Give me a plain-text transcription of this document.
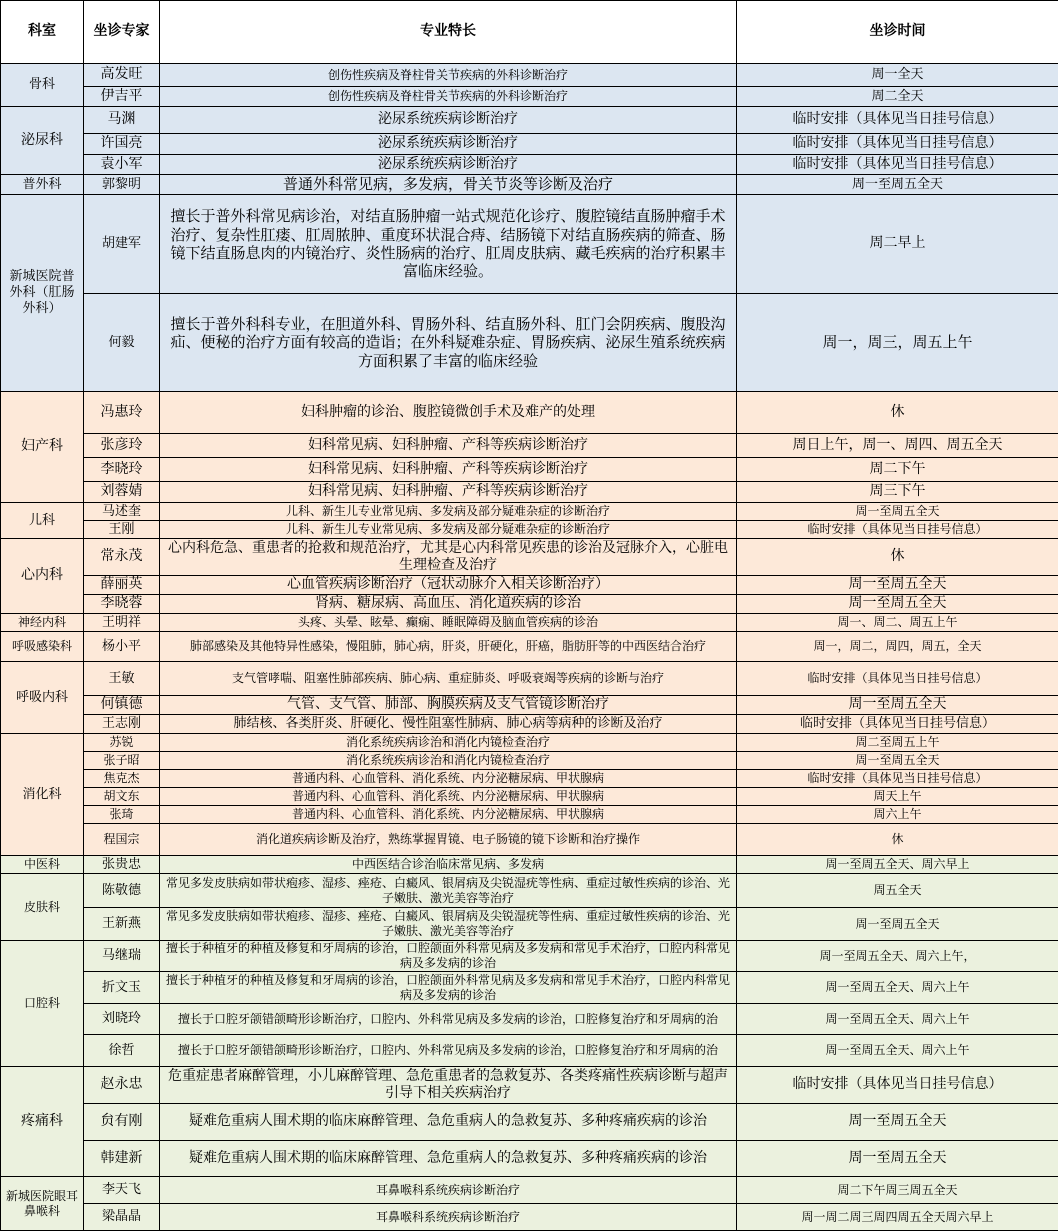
科室	坐诊专家	专业特长	坐诊时间
骨科	高发旺	创伤性疾病及脊柱骨关节疾病的外科诊断治疗	周一全天
	伊吉平	创伤性疾病及脊柱骨关节疾病的外科诊断治疗	周二全天
泌尿科	马渊	泌尿系统疾病诊断治疗	临时安排（具体见当日挂号信息）
	许国亮	泌尿系统疾病诊断治疗	临时安排（具体见当日挂号信息）
	袁小军	泌尿系统疾病诊断治疗	临时安排（具体见当日挂号信息）
普外科	郭黎明	普通外科常见病，多发病，骨关节炎等诊断及治疗	周一至周五全天
新城医院普外科（肛肠外科）	胡建军	擅长于普外科常见病诊治，对结直肠肿瘤一站式规范化诊疗、腹腔镜结直肠肿瘤手术治疗、复杂性肛瘘、肛周脓肿、重度环状混合痔、结肠镜下对结直肠疾病的筛查、肠镜下结直肠息肉的内镜治疗、炎性肠病的治疗、肛周皮肤病、藏毛疾病的治疗积累丰富临床经验。	周二早上
	何毅	擅长于普外科科专业，在胆道外科、胃肠外科、结直肠外科、肛门会阴疾病、腹股沟疝、便秘的治疗方面有较高的造诣；在外科疑难杂症、胃肠疾病、泌尿生殖系统疾病方面积累了丰富的临床经验	周一，周三，周五上午
妇产科	冯惠玲	妇科肿瘤的诊治、腹腔镜微创手术及难产的处理	休
	张彦玲	妇科常见病、妇科肿瘤、产科等疾病诊断治疗	周日上午，周一、周四、周五全天
	李晓玲	妇科常见病、妇科肿瘤、产科等疾病诊断治疗	周二下午
	刘蓉婧	妇科常见病、妇科肿瘤、产科等疾病诊断治疗	周三下午
儿科	马述奎	儿科、新生儿专业常见病、多发病及部分疑难杂症的诊断治疗	周一至周五全天
	王刚	儿科、新生儿专业常见病、多发病及部分疑难杂症的诊断治疗	临时安排（具体见当日挂号信息）
心内科	常永茂	心内科危急、重患者的抢救和规范治疗，尤其是心内科常见疾患的诊治及冠脉介入，心脏电生理检查及治疗	休
	薛丽英	心血管疾病诊断治疗（冠状动脉介入相关诊断治疗）	周一至周五全天
	李晓蓉	肾病、糖尿病、高血压、消化道疾病的诊治	周一至周五全天
神经内科	王明祥	头疼、头晕、眩晕、癫痫、睡眠障碍及脑血管疾病的诊治	周一、周二、周五上午
呼吸感染科	杨小平	肺部感染及其他特异性感染，慢阻肺，肺心病，肝炎，肝硬化，肝癌，脂肪肝等的中西医结合治疗	周一，周二，周四，周五，全天
呼吸内科	王敏	支气管哮喘、阻塞性肺部疾病、肺心病、重症肺炎、呼吸衰竭等疾病的诊断与治疗	临时安排（具体见当日挂号信息）
	何镇德	气管、支气管、肺部、胸膜疾病及支气管镜诊断治疗	周一至周五全天
	王志刚	肺结核、各类肝炎、肝硬化、慢性阻塞性肺病、肺心病等病种的诊断及治疗	临时安排（具体见当日挂号信息）
消化科	苏锐	消化系统疾病诊治和消化内镜检查治疗	周二至周五上午
	张子昭	消化系统疾病诊治和消化内镜检查治疗	周一至周五全天
	焦克杰	普通内科、心血管科、消化系统、内分泌糖尿病、甲状腺病	临时安排（具体见当日挂号信息）
	胡文东	普通内科、心血管科、消化系统、内分泌糖尿病、甲状腺病	周天上午
	张琦	普通内科、心血管科、消化系统、内分泌糖尿病、甲状腺病	周六上午
	程国宗	消化道疾病诊断及治疗，熟练掌握胃镜、电子肠镜的镜下诊断和治疗操作	休
中医科	张贵忠	中西医结合诊治临床常见病、多发病	周一至周五全天、周六早上
皮肤科	陈敬德	常见多发皮肤病如带状疱疹、湿疹、痤疮、白癜风、银屑病及尖锐湿疣等性病、重症过敏性疾病的诊治、光子嫩肤、激光美容等治疗	周五全天
	王新燕	常见多发皮肤病如带状疱疹、湿疹、痤疮、白癜风、银屑病及尖锐湿疣等性病、重症过敏性疾病的诊治、光子嫩肤、激光美容等治疗	周一至周五全天
口腔科	马继瑞	擅长于种植牙的种植及修复和牙周病的诊治，口腔颌面外科常见病及多发病和常见手术治疗，口腔内科常见病及多发病的诊治	周一至周五全天、周六上午，
	折文玉	擅长于种植牙的种植及修复和牙周病的诊治，口腔颌面外科常见病及多发病和常见手术治疗，口腔内科常见病及多发病的诊治	周一至周五全天、周六上午
	刘晓玲	擅长于口腔牙颌错颌畸形诊断治疗，口腔内、外科常见病及多发病的诊治，口腔修复治疗和牙周病的治	周一至周五全天、周六上午
	徐哲	擅长于口腔牙颌错颌畸形诊断治疗，口腔内、外科常见病及多发病的诊治，口腔修复治疗和牙周病的治	周一至周五全天、周六上午
疼痛科	赵永忠	危重症患者麻醉管理，小儿麻醉管理、急危重患者的急救复苏、各类疼痛性疾病诊断与超声引导下相关疾病治疗	临时安排（具体见当日挂号信息）
	贠有刚	疑难危重病人围术期的临床麻醉管理、急危重病人的急救复苏、多种疼痛疾病的诊治	周一至周五全天
	韩建新	疑难危重病人围术期的临床麻醉管理、急危重病人的急救复苏、多种疼痛疾病的诊治	周一至周五全天
新城医院眼耳鼻喉科	李天飞	耳鼻喉科系统疾病诊断治疗	周二下午周三周五全天
	梁晶晶	耳鼻喉科系统疾病诊断治疗	周一周二周三周四周五全天周六早上
